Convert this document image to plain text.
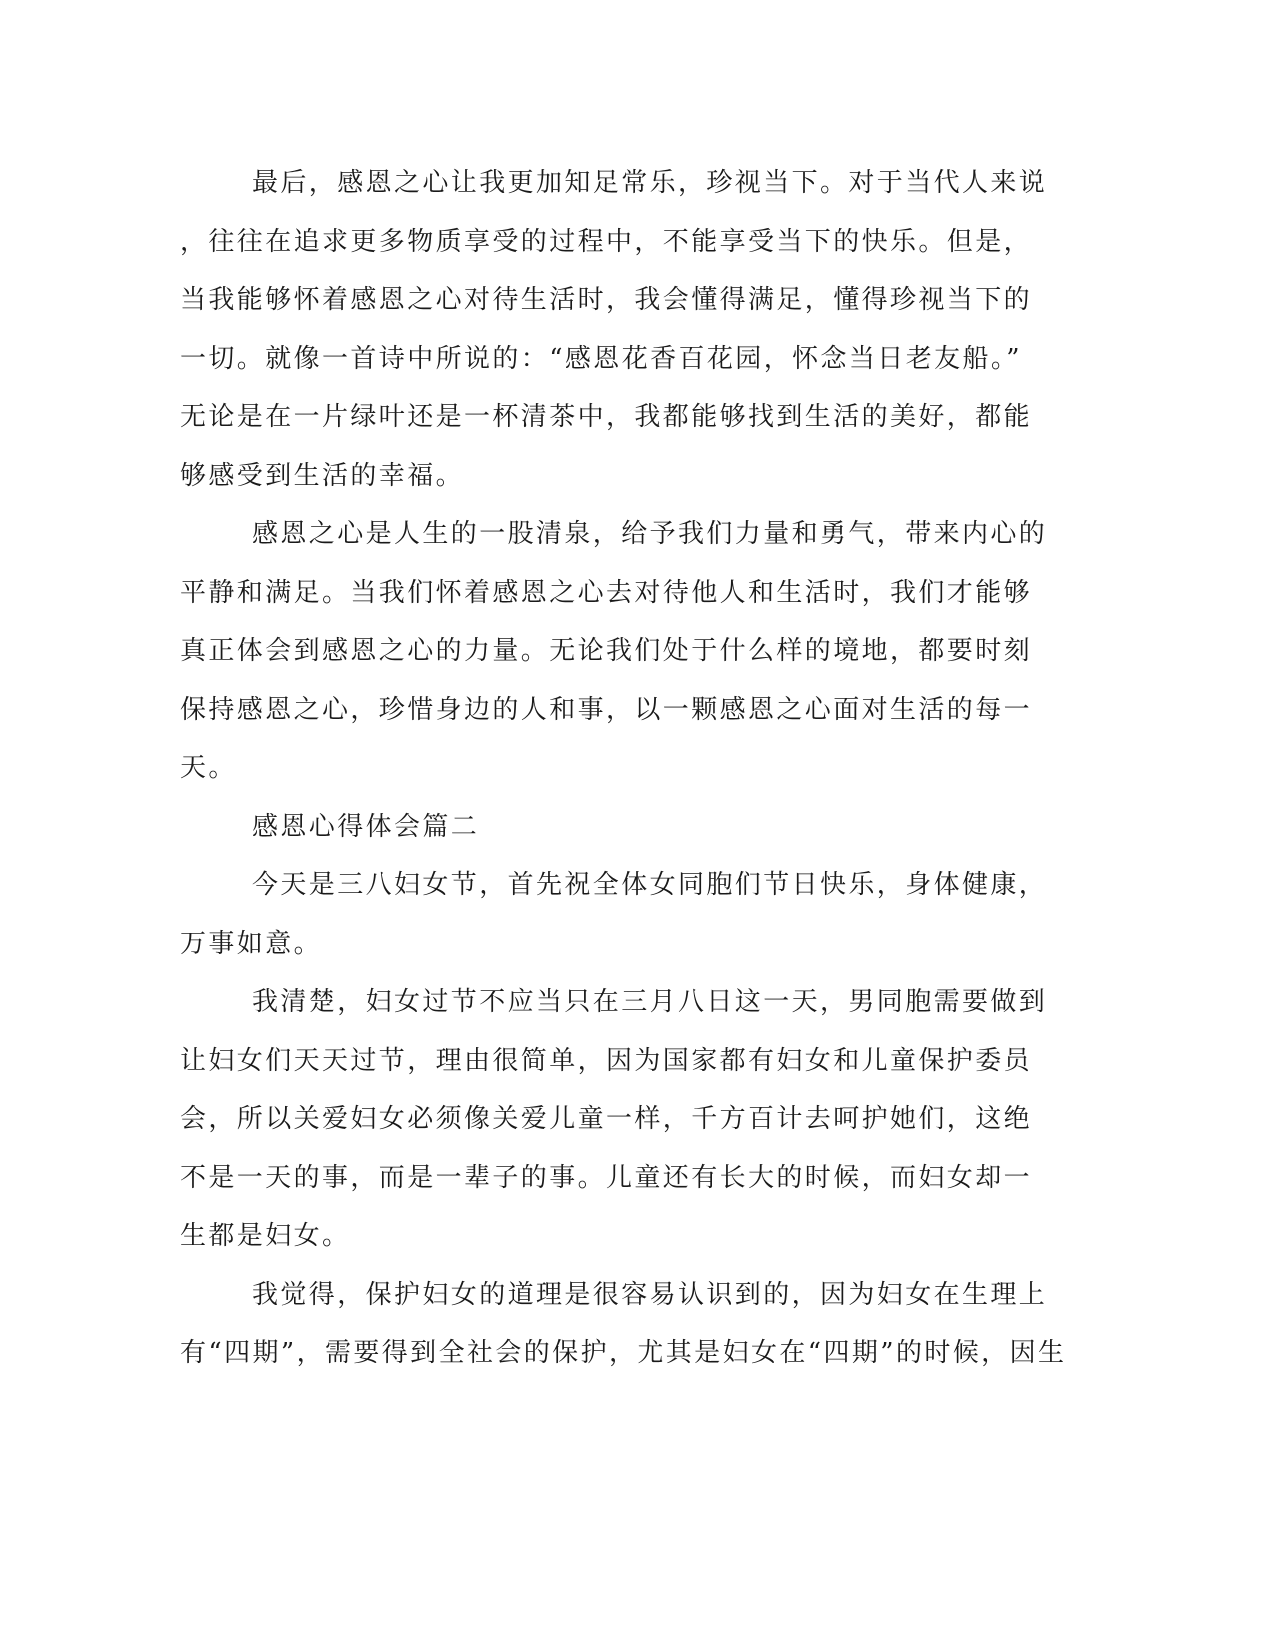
最后，感恩之心让我更加知足常乐，珍视当下。对于当代人来说
，往往在追求更多物质享受的过程中，不能享受当下的快乐。但是，
当我能够怀着感恩之心对待生活时，我会懂得满足，懂得珍视当下的
一切。就像一首诗中所说的：“感恩花香百花园，怀念当日老友船。”
无论是在一片绿叶还是一杯清茶中，我都能够找到生活的美好，都能
够感受到生活的幸福。
感恩之心是人生的一股清泉，给予我们力量和勇气，带来内心的
平静和满足。当我们怀着感恩之心去对待他人和生活时，我们才能够
真正体会到感恩之心的力量。无论我们处于什么样的境地，都要时刻
保持感恩之心，珍惜身边的人和事，以一颗感恩之心面对生活的每一
天。
感恩心得体会篇二
今天是三八妇女节，首先祝全体女同胞们节日快乐，身体健康，
万事如意。
我清楚，妇女过节不应当只在三月八日这一天，男同胞需要做到
让妇女们天天过节，理由很简单，因为国家都有妇女和儿童保护委员
会，所以关爱妇女必须像关爱儿童一样，千方百计去呵护她们，这绝
不是一天的事，而是一辈子的事。儿童还有长大的时候，而妇女却一
生都是妇女。
我觉得，保护妇女的道理是很容易认识到的，因为妇女在生理上
有“四期”，需要得到全社会的保护，尤其是妇女在“四期”的时候，因生
